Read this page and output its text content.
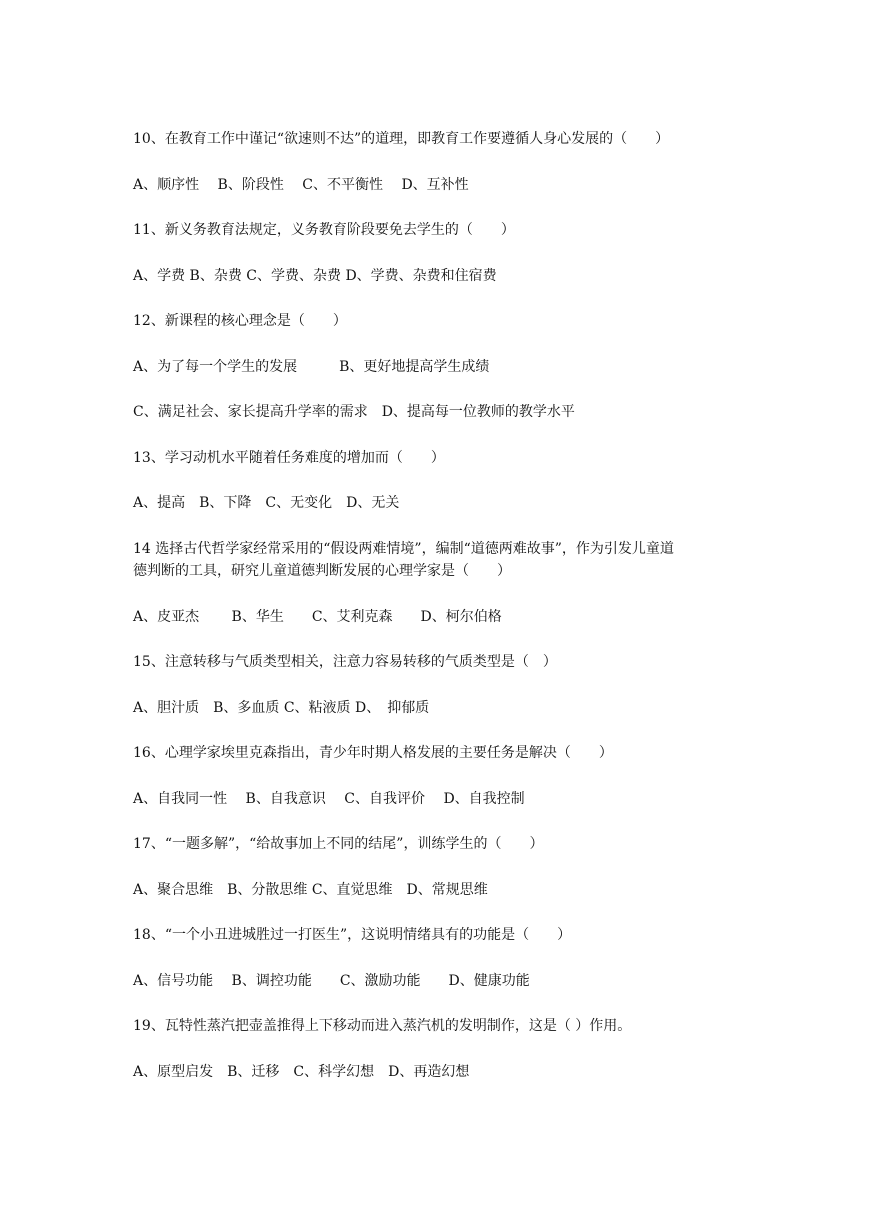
10、在教育工作中谨记“欲速则不达”的道理，即教育工作要遵循人身心发展的（　　）
A、顺序性　 B、阶段性　 C、不平衡性　 D、互补性
11、新义务教育法规定，义务教育阶段要免去学生的（　　）
A、学费 B、杂费 C、学费、杂费 D、学费、杂费和住宿费
12、新课程的核心理念是（　　）
A、为了每一个学生的发展　　　B、更好地提高学生成绩
C、满足社会、家长提高升学率的需求　D、提高每一位教师的教学水平
13、学习动机水平随着任务难度的增加而（　　）
A、提高　B、下降　C、无变化　D、无关
14 选择古代哲学家经常采用的“假设两难情境”，编制“道德两难故事”，作为引发儿童道
德判断的工具，研究儿童道德判断发展的心理学家是（　　）
A、皮亚杰　　 B、华生　　C、艾利克森　　D、柯尔伯格
15、注意转移与气质类型相关，注意力容易转移的气质类型是（　）
A、胆汁质　B、多血质 C、粘液质 D、　抑郁质
16、心理学家埃里克森指出，青少年时期人格发展的主要任务是解决（　　）
A、自我同一性　 B、自我意识　 C、自我评价　 D、自我控制
17、“一题多解”，“给故事加上不同的结尾”，训练学生的（　　）
A、聚合思维　B、分散思维 C、直觉思维　D、常规思维
18、“一个小丑进城胜过一打医生”，这说明情绪具有的功能是（　　）
A、信号功能　 B、调控功能　　C、激励功能　　D、健康功能
19、瓦特性蒸汽把壶盖推得上下移动而进入蒸汽机的发明制作，这是（ ）作用。
A、原型启发　B、迁移　C、科学幻想　D、再造幻想
